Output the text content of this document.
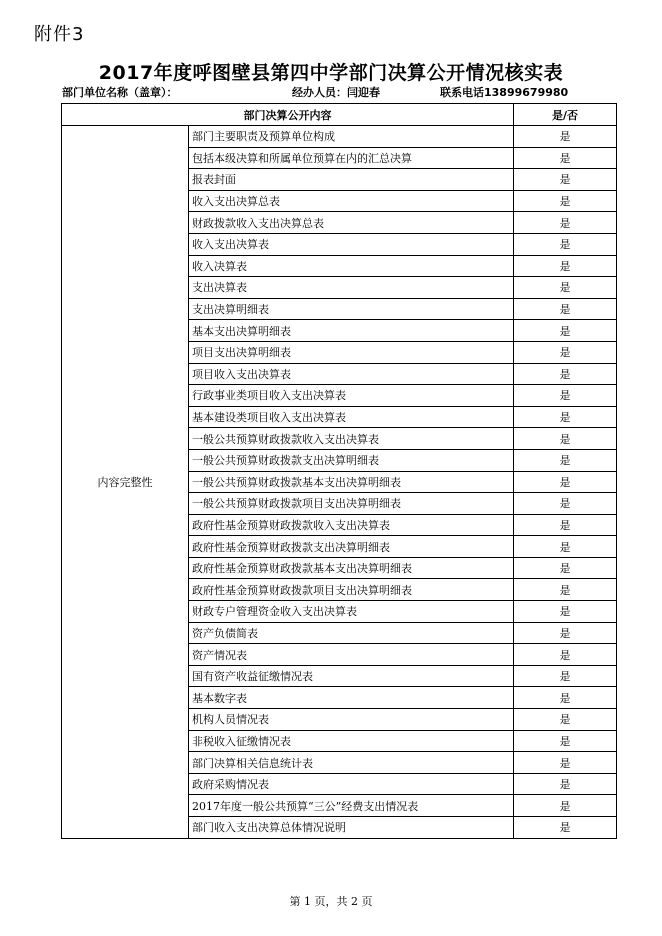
附件3
2017年度呼图壁县第四中学部门决算公开情况核实表
部门单位名称（盖章）：	经办人员：闫迎春	联系电话13899679980
部门决算公开内容		是/否
内容完整性	部门主要职责及预算单位构成	是
	包括本级决算和所属单位预算在内的汇总决算	是
	报表封面	是
	收入支出决算总表	是
	财政拨款收入支出决算总表	是
	收入支出决算表	是
	收入决算表	是
	支出决算表	是
	支出决算明细表	是
	基本支出决算明细表	是
	项目支出决算明细表	是
	项目收入支出决算表	是
	行政事业类项目收入支出决算表	是
	基本建设类项目收入支出决算表	是
	一般公共预算财政拨款收入支出决算表	是
	一般公共预算财政拨款支出决算明细表	是
	一般公共预算财政拨款基本支出决算明细表	是
	一般公共预算财政拨款项目支出决算明细表	是
	政府性基金预算财政拨款收入支出决算表	是
	政府性基金预算财政拨款支出决算明细表	是
	政府性基金预算财政拨款基本支出决算明细表	是
	政府性基金预算财政拨款项目支出决算明细表	是
	财政专户管理资金收入支出决算表	是
	资产负债简表	是
	资产情况表	是
	国有资产收益征缴情况表	是
	基本数字表	是
	机构人员情况表	是
	非税收入征缴情况表	是
	部门决算相关信息统计表	是
	政府采购情况表	是
	2017年度一般公共预算“三公”经费支出情况表	是
	部门收入支出决算总体情况说明	是
第 1 页，共 2 页
